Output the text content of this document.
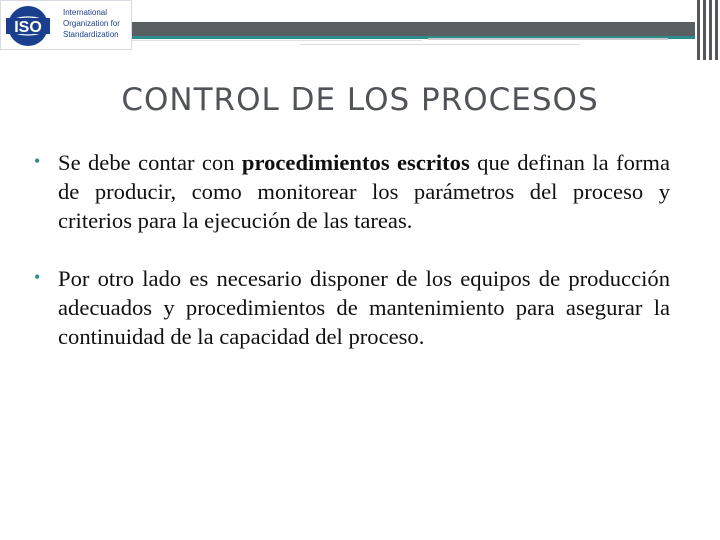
ISO
International
Organization for
Standardization
CONTROL DE LOS PROCESOS
• Se debe contar con procedimientos escritos que definan la forma de producir, como monitorear los parámetros del proceso y criterios para la ejecución de las tareas.
• Por otro lado es necesario disponer de los equipos de producción adecuados y procedimientos de mantenimiento para asegurar la continuidad de la capacidad del proceso.
